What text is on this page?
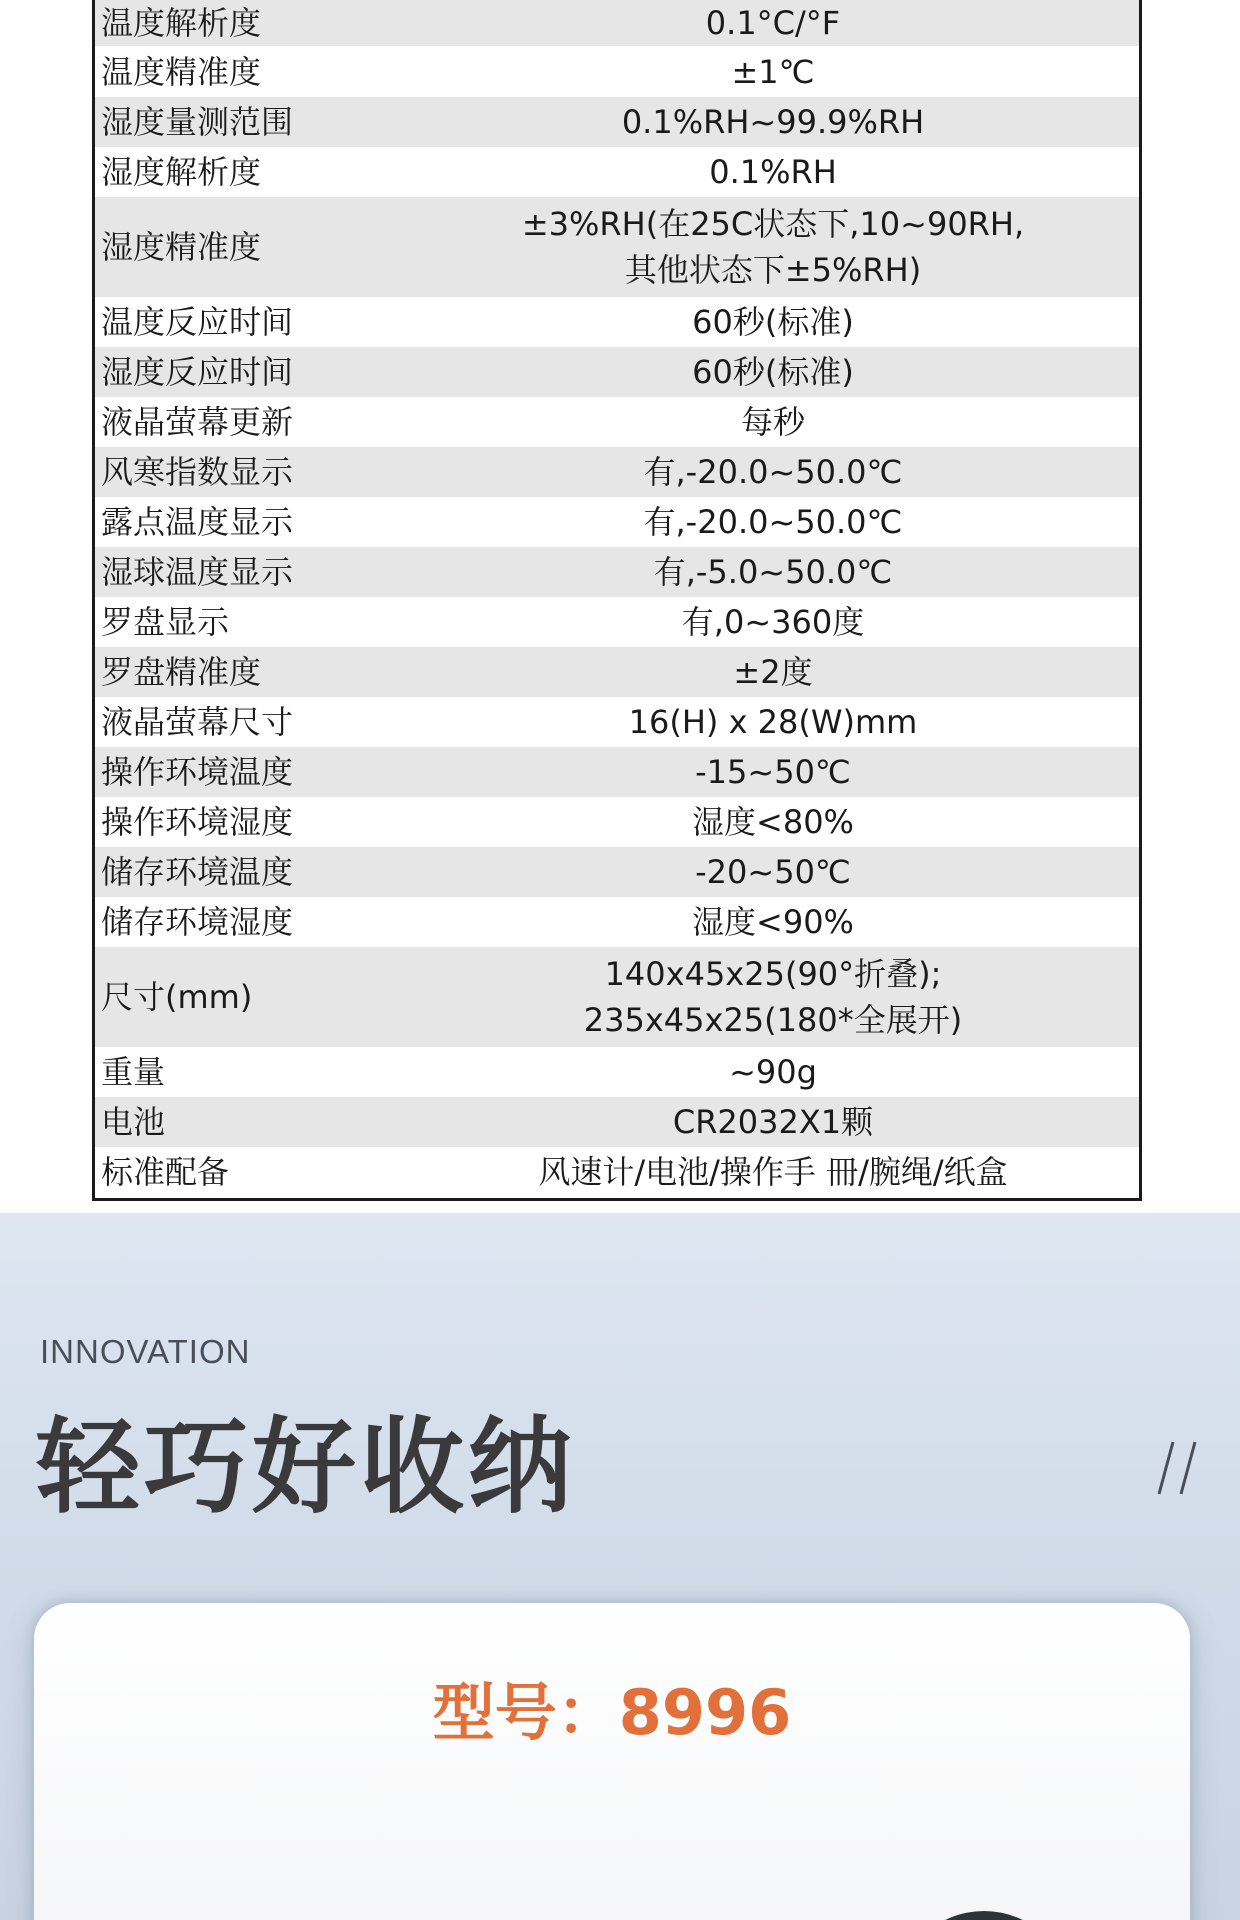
温度解析度	0.1°C/°F
温度精准度	±1℃
湿度量测范围	0.1%RH~99.9%RH
湿度解析度	0.1%RH
湿度精准度	±3%RH(在25C状态下,10~90RH,
其他状态下±5%RH)

温度反应时间	60秒(标准)
湿度反应时间	60秒(标准)
液晶萤幕更新	每秒
风寒指数显示	有,-20.0~50.0℃
露点温度显示	有,-20.0~50.0℃
湿球温度显示	有,-5.0~50.0℃
罗盘显示	有,0~360度
罗盘精准度	±2度
液晶萤幕尺寸	16(H) x 28(W)mm
操作环境温度	-15~50℃
操作环境湿度	湿度<80%
储存环境温度	-20~50℃
储存环境湿度	湿度<90%
尺寸(mm)	140x45x25(90°折叠);
235x45x25(180*全展开)

重量	~90g
电池	CR2032X1颗
标准配备	风速计/电池/操作手 冊/腕绳/纸盒
INNOVATION
轻巧好收纳
型号：8996
